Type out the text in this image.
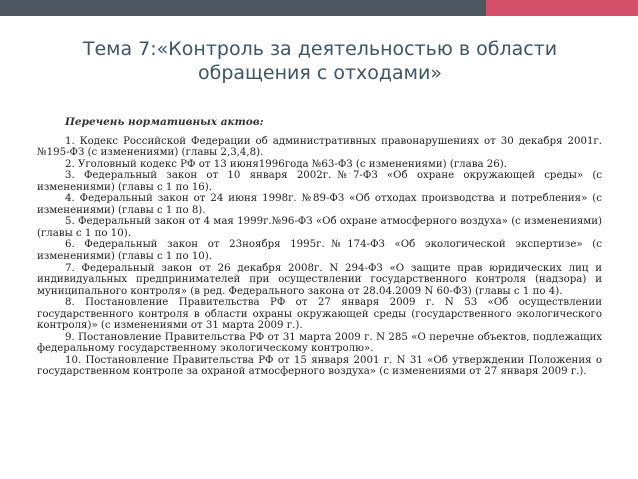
Тема 7:«Контроль за деятельностью в области
обращения с отходами»
Перечень нормативных актов:

1. Кодекс Российской Федерации об административных правонарушениях от 30 декабря 2001г.№195-ФЗ (с изменениями) (главы 2,3,4,8).

2. Уголовный кодекс РФ от 13 июня1996года №63-ФЗ (с изменениями) (глава 26).

3. Федеральный закон от 10 января 2002г.№7-ФЗ «Об охране окружающей среды» (с изменениями) (главы с 1 по 16).

4. Федеральный закон от 24 июня 1998г. №89-ФЗ «Об отходах производства и потребления» (с изменениями) (главы с 1 по 8).

5. Федеральный закон от 4 мая 1999г.№96-ФЗ «Об охране атмосферного воздуха» (с изменениями) (главы с 1 по 10).

6. Федеральный закон от 23ноября 1995г.№174-ФЗ «Об экологической экспертизе» (с изменениями) (главы с 1 по 10).

7. Федеральный закон от 26 декабря 2008г. N 294-ФЗ «О защите прав юридических лиц и индивидуальных предпринимателей при осуществлении государственного контроля (надзора) и муниципального контроля» (в ред. Федерального закона от 28.04.2009 N 60-ФЗ) (главы с 1 по 4).

8. Постановление Правительства РФ от 27 января 2009 г. N 53 «Об осуществлении государственного контроля в области охраны окружающей среды (государственного экологического контроля)» (с изменениями от 31 марта 2009 г.).

9. Постановление Правительства РФ от 31 марта 2009 г. N 285 «О перечне объектов, подлежащих федеральному государственному экологическому контролю».

10. Постановление Правительства РФ от 15 января 2001 г. N 31 «Об утверждении Положения о государственном контроле за охраной атмосферного воздуха» (с изменениями от 27 января 2009 г.).
